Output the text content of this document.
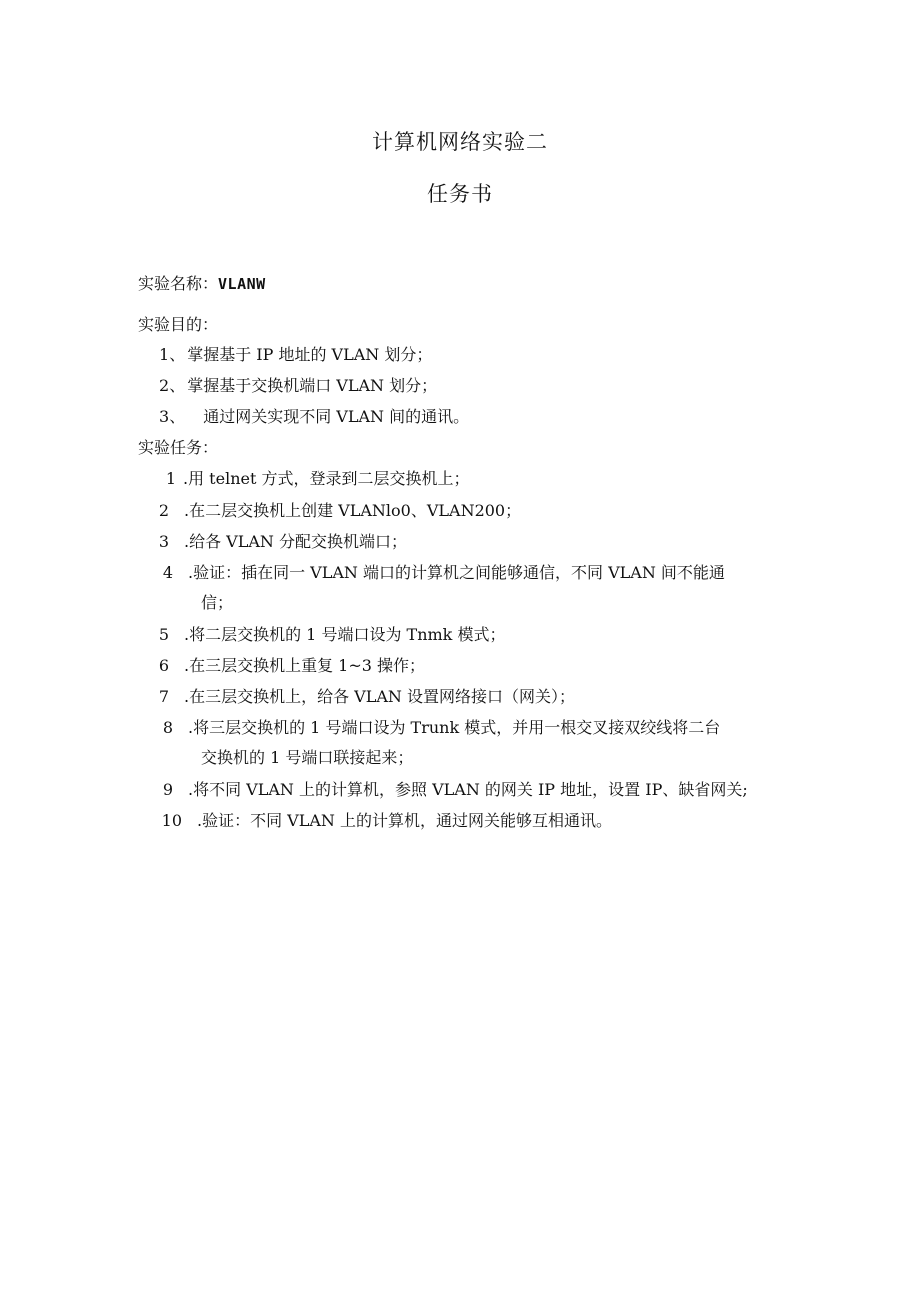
计算机网络实验二
任务书
实验名称：VLANW
实验目的：
1、 掌握基于 IP 地址的 VLAN 划分；
2、 掌握基于交换机端口 VLAN 划分；
3、 通过网关实现不同 VLAN 间的通讯。
实验任务：
1 .用 telnet 方式，登录到二层交换机上；
2 .在二层交换机上创建 VLANlo0、VLAN200；
3 .给各 VLAN 分配交换机端口；
4 .验证：插在同一 VLAN 端口的计算机之间能够通信，不同 VLAN 间不能通
信；
5 .将二层交换机的 1 号端口设为 Tnmk 模式；
6 .在三层交换机上重复 1~3 操作；
7 .在三层交换机上，给各 VLAN 设置网络接口（网关）；
8 .将三层交换机的 1 号端口设为 Trunk 模式，并用一根交叉接双绞线将二台
交换机的 1 号端口联接起来；
9 .将不同 VLAN 上的计算机，参照 VLAN 的网关 IP 地址，设置 IP、缺省网关;
10 .验证：不同 VLAN 上的计算机，通过网关能够互相通讯。
